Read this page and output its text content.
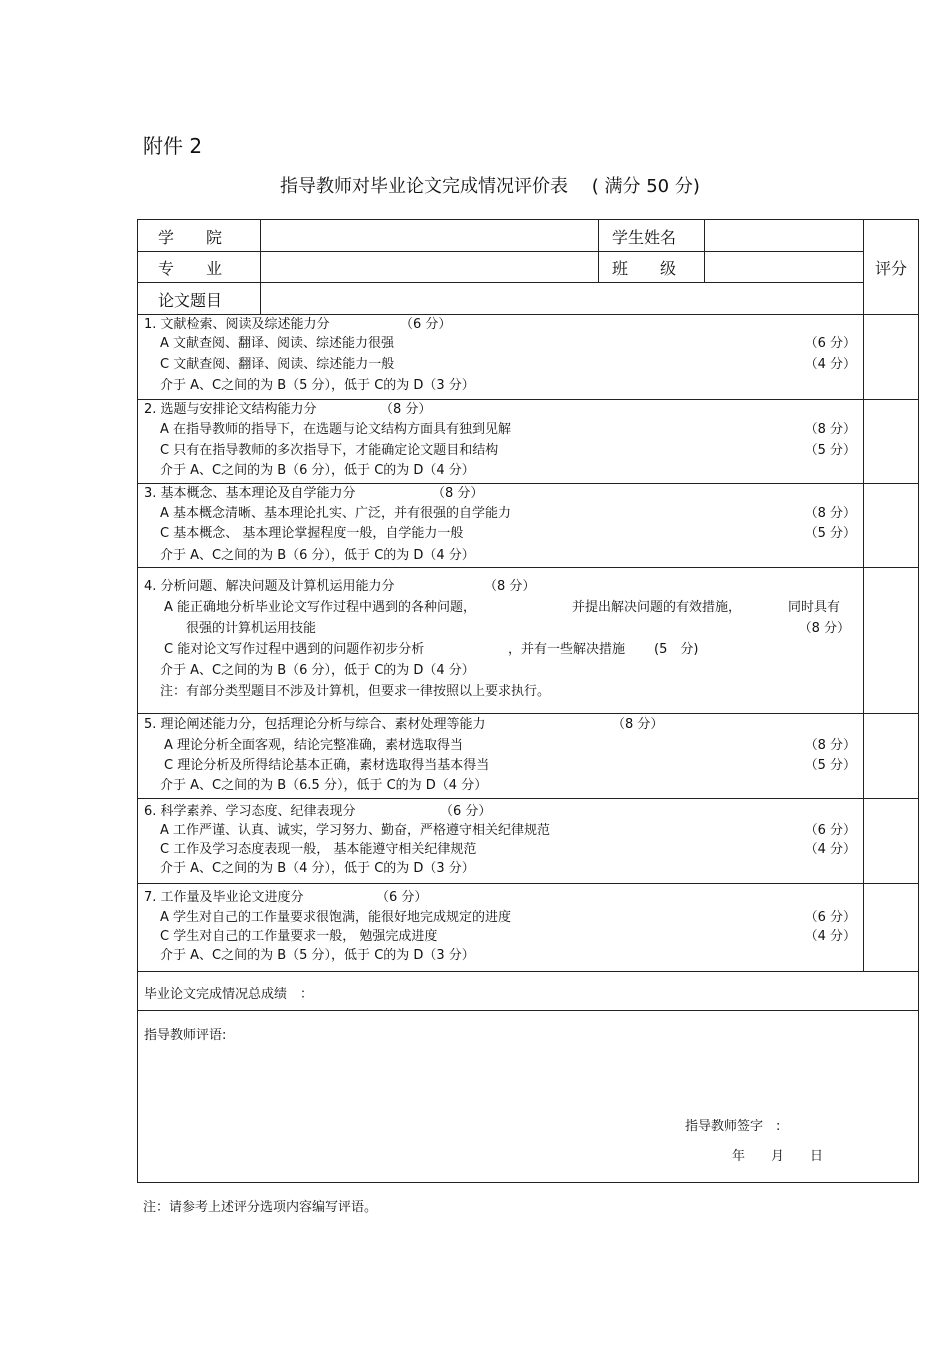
附件 2
指导教师对毕业论文完成情况评价表 ( 满分 50 分)
学　　院	学生姓名
专　　业	班　　级
论文题目
评分
1. 文献检索、阅读及综述能力分	（6 分）
A 文献查阅、翻译、阅读、综述能力很强	（6 分）
C 文献查阅、翻译、阅读、综述能力一般	（4 分）
介于 A、C之间的为 B（5 分），低于 C的为 D（3 分）
2. 选题与安排论文结构能力分	（8 分）
A 在指导教师的指导下，在选题与论文结构方面具有独到见解	（8 分）
C 只有在指导教师的多次指导下，才能确定论文题目和结构	（5 分）
介于 A、C之间的为 B（6 分），低于 C的为 D（4 分）
3. 基本概念、基本理论及自学能力分	（8 分）
A 基本概念清晰、基本理论扎实、广泛，并有很强的自学能力	（8 分）
C 基本概念、 基本理论掌握程度一般，自学能力一般	（5 分）
介于 A、C之间的为 B（6 分），低于 C的为 D（4 分）
4. 分析问题、解决问题及计算机运用能力分	（8 分）
A 能正确地分析毕业论文写作过程中遇到的各种问题，	并提出解决问题的有效措施，	同时具有
很强的计算机运用技能	（8 分）
C 能对论文写作过程中遇到的问题作初步分析	，并有一些解决措施 (5　分)
介于 A、C之间的为 B（6 分），低于 C的为 D（4 分）
注：有部分类型题目不涉及计算机，但要求一律按照以上要求执行。
5. 理论阐述能力分，包括理论分析与综合、素材处理等能力	（8 分）
A 理论分析全面客观，结论完整准确，素材选取得当	（8 分）
C 理论分析及所得结论基本正确，素材选取得当基本得当	（5 分）
介于 A、C之间的为 B（6.5 分），低于 C的为 D（4 分）
6. 科学素养、学习态度、纪律表现分	（6 分）
A 工作严谨、认真、诚实，学习努力、勤奋，严格遵守相关纪律规范	（6 分）
C 工作及学习态度表现一般， 基本能遵守相关纪律规范	（4 分）
介于 A、C之间的为 B（4 分），低于 C的为 D（3 分）
7. 工作量及毕业论文进度分	（6 分）
A 学生对自己的工作量要求很饱满，能很好地完成规定的进度	（6 分）
C 学生对自己的工作量要求一般， 勉强完成进度	（4 分）
介于 A、C之间的为 B（5 分），低于 C的为 D（3 分）
毕业论文完成情况总成绩　：
指导教师评语:
指导教师签字　:
年　　月　　日
注：请参考上述评分选项内容编写评语。
